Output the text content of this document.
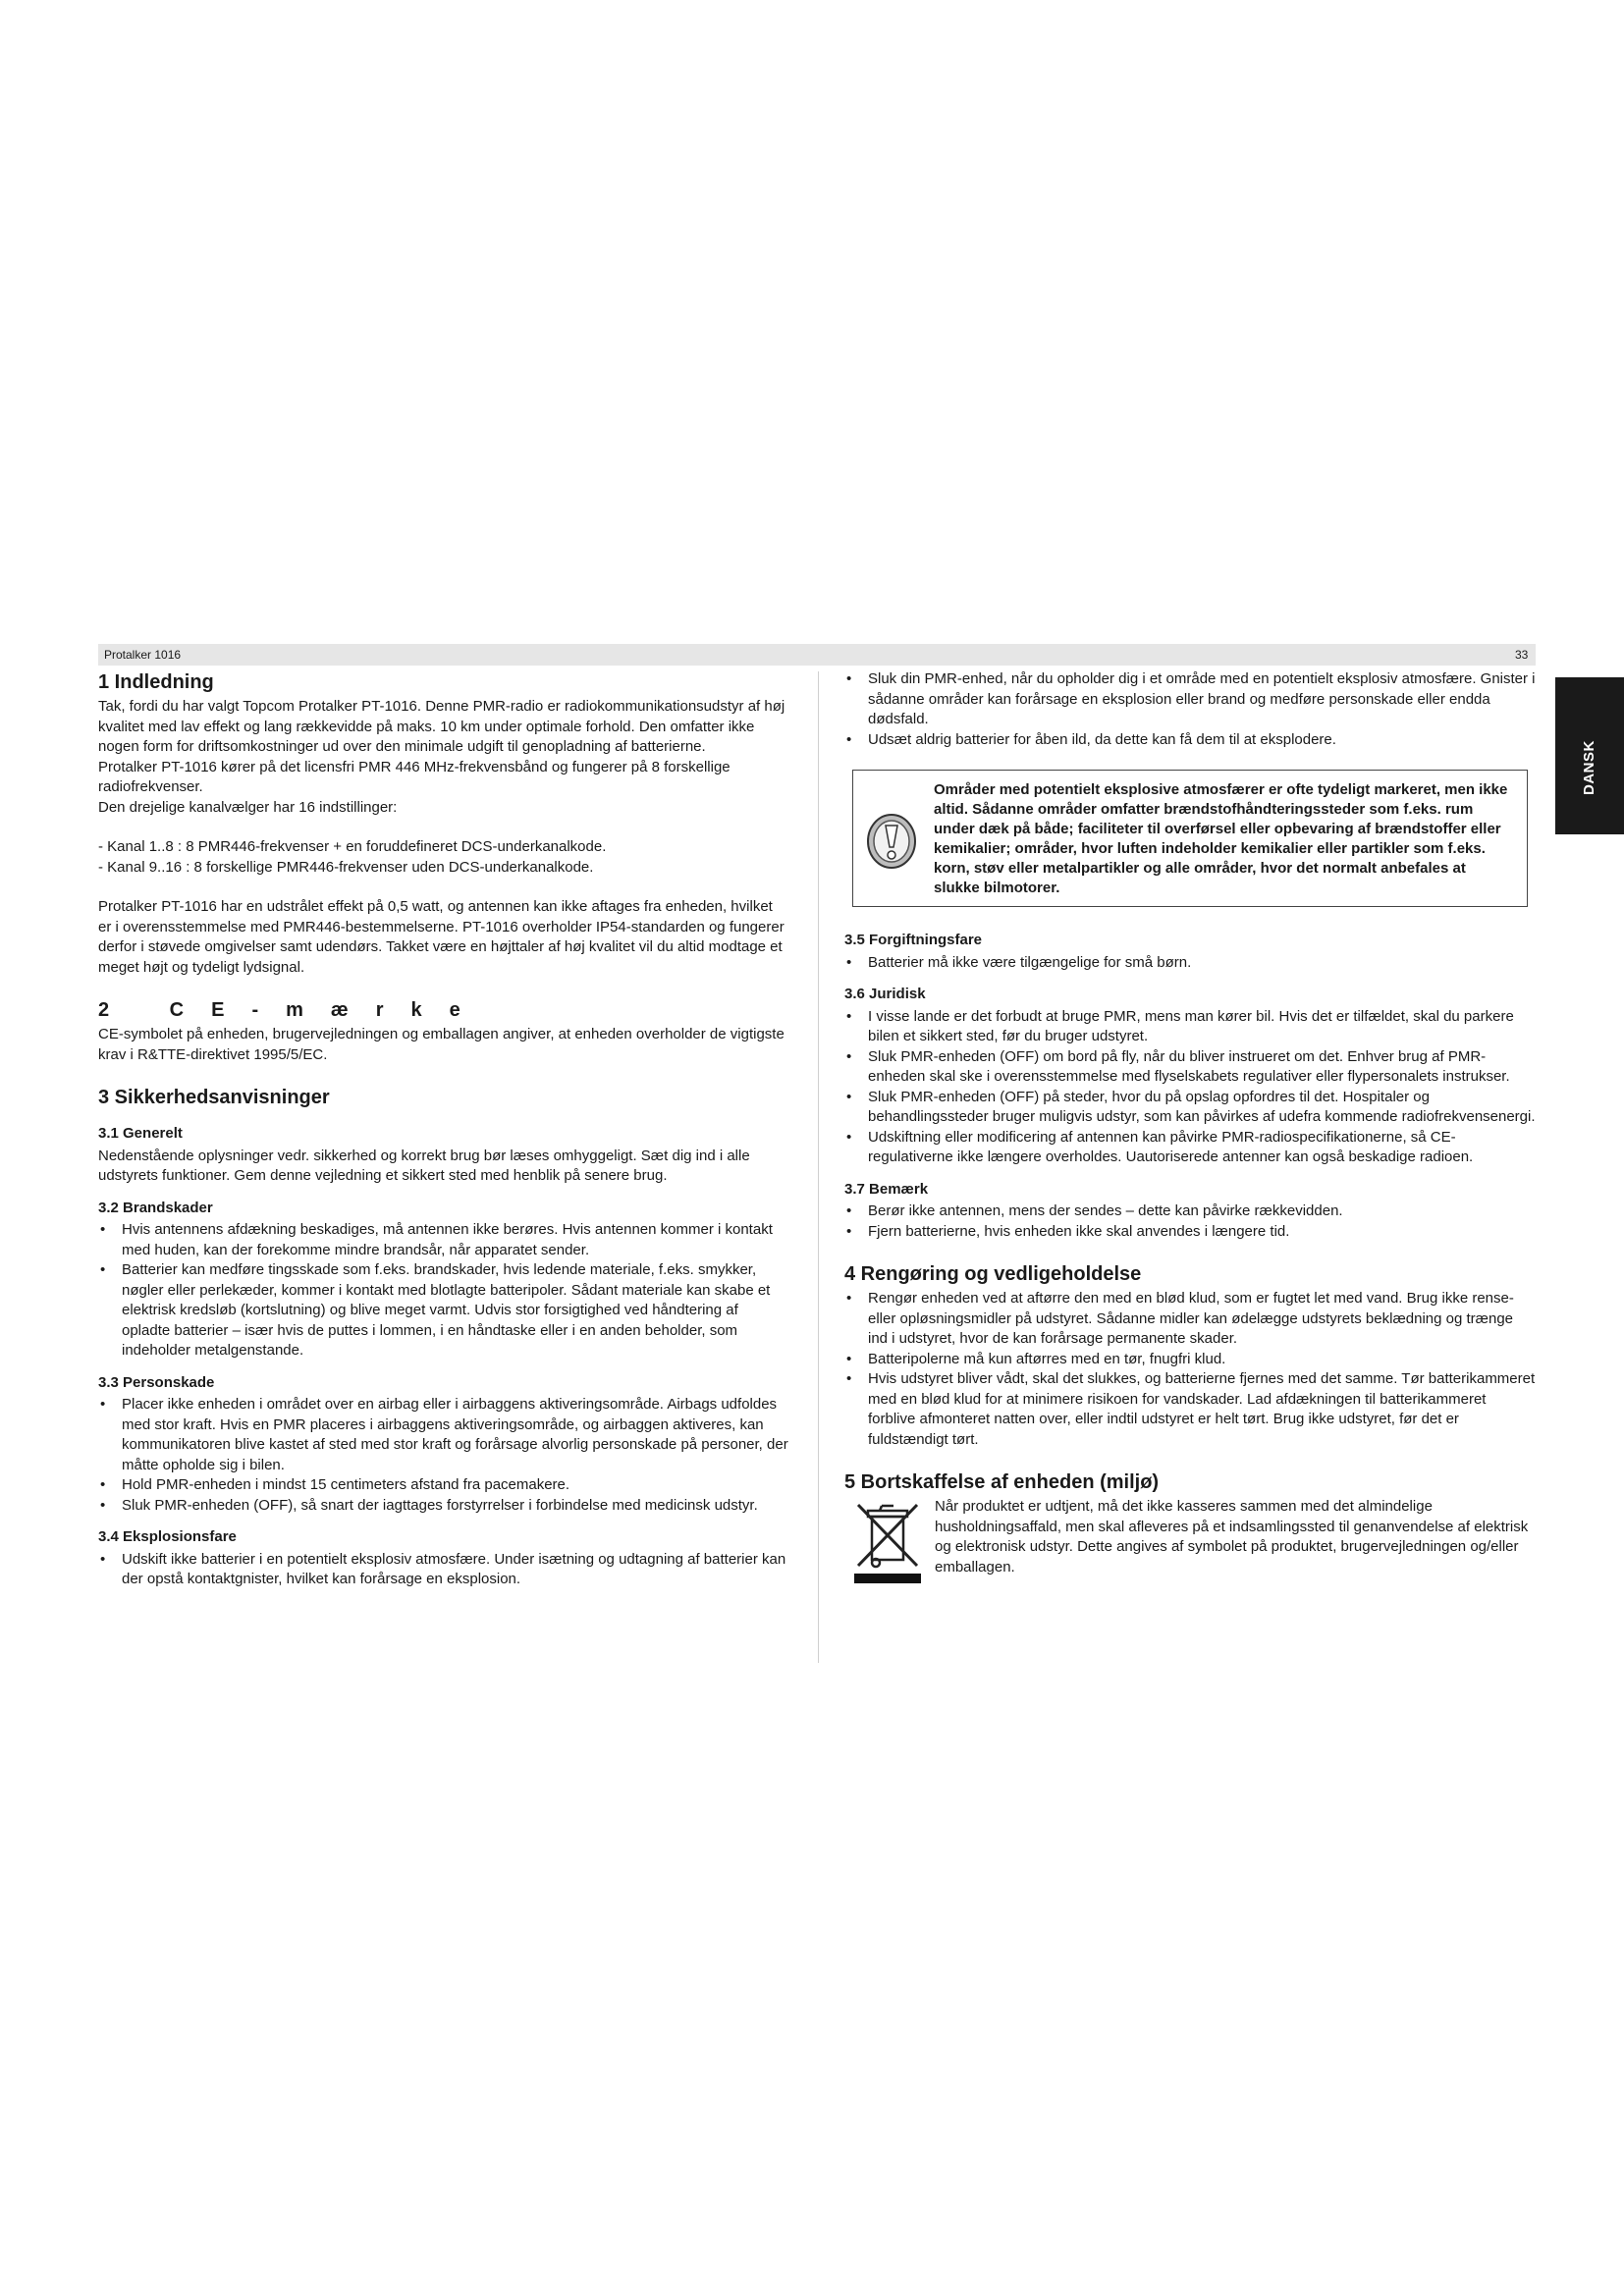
Protalker 1016	33
DANSK
1 Indledning

Tak, fordi du har valgt Topcom Protalker PT-1016. Denne PMR-radio er radiokommunikationsudstyr af høj kvalitet med lav effekt og lang rækkevidde på maks. 10 km under optimale forhold. Den omfatter ikke nogen form for driftsomkostninger ud over den minimale udgift til genopladning af batterierne.

Protalker PT-1016 kører på det licensfri PMR 446 MHz-frekvensbånd og fungerer på 8 forskellige radiofrekvenser.

Den drejelige kanalvælger har 16 indstillinger:

- Kanal 1..8 : 8 PMR446-frekvenser + en foruddefineret DCS-underkanalkode.

- Kanal 9..16 : 8 forskellige PMR446-frekvenser uden DCS-underkanalkode.

Protalker PT-1016 har en udstrålet effekt på 0,5 watt, og antennen kan ikke aftages fra enheden, hvilket er i overensstemmelse med PMR446-bestemmelserne. PT-1016 overholder IP54-standarden og fungerer derfor i støvede omgivelser samt udendørs. Takket være en højttaler af høj kvalitet vil du altid modtage et meget højt og tydeligt lydsignal.

2 CE-mærke

CE-symbolet på enheden, brugervejledningen og emballagen angiver, at enheden overholder de vigtigste krav i R&TTE-direktivet 1995/5/EC.

3 Sikkerhedsanvisninger
3.1 Generelt

Nedenstående oplysninger vedr. sikkerhed og korrekt brug bør læses omhyggeligt. Sæt dig ind i alle udstyrets funktioner. Gem denne vejledning et sikkert sted med henblik på senere brug.

3.2 Brandskader
• Hvis antennens afdækning beskadiges, må antennen ikke berøres. Hvis antennen kommer i kontakt med huden, kan der forekomme mindre brandsår, når apparatet sender.
• Batterier kan medføre tingsskade som f.eks. brandskader, hvis ledende materiale, f.eks. smykker, nøgler eller perlekæder, kommer i kontakt med blotlagte batteripoler. Sådant materiale kan skabe et elektrisk kredsløb (kortslutning) og blive meget varmt. Udvis stor forsigtighed ved håndtering af opladte batterier – især hvis de puttes i lommen, i en håndtaske eller i en anden beholder, som indeholder metalgenstande.
3.3 Personskade
• Placer ikke enheden i området over en airbag eller i airbaggens aktiveringsområde. Airbags udfoldes med stor kraft. Hvis en PMR placeres i airbaggens aktiveringsområde, og airbaggen aktiveres, kan kommunikatoren blive kastet af sted med stor kraft og forårsage alvorlig personskade på personer, der måtte opholde sig i bilen.
• Hold PMR-enheden i mindst 15 centimeters afstand fra pacemakere.
• Sluk PMR-enheden (OFF), så snart der iagttages forstyrrelser i forbindelse med medicinsk udstyr.
3.4 Eksplosionsfare
• Udskift ikke batterier i en potentielt eksplosiv atmosfære. Under isætning og udtagning af batterier kan der opstå kontaktgnister, hvilket kan forårsage en eksplosion.
• Sluk din PMR-enhed, når du opholder dig i et område med en potentielt eksplosiv atmosfære. Gnister i sådanne områder kan forårsage en eksplosion eller brand og medføre personskade eller endda dødsfald.
• Udsæt aldrig batterier for åben ild, da dette kan få dem til at eksplodere.

Områder med potentielt eksplosive atmosfærer er ofte tydeligt markeret, men ikke altid. Sådanne områder omfatter brændstofhåndteringssteder som f.eks. rum under dæk på både; faciliteter til overførsel eller opbevaring af brændstoffer eller kemikalier; områder, hvor luften indeholder kemikalier eller partikler som f.eks. korn, støv eller metalpartikler og alle områder, hvor det normalt anbefales at slukke bilmotorer.

3.5 Forgiftningsfare
• Batterier må ikke være tilgængelige for små børn.
3.6 Juridisk
• I visse lande er det forbudt at bruge PMR, mens man kører bil. Hvis det er tilfældet, skal du parkere bilen et sikkert sted, før du bruger udstyret.
• Sluk PMR-enheden (OFF) om bord på fly, når du bliver instrueret om det. Enhver brug af PMR-enheden skal ske i overensstemmelse med flyselskabets regulativer eller flypersonalets instrukser.
• Sluk PMR-enheden (OFF) på steder, hvor du på opslag opfordres til det. Hospitaler og behandlingssteder bruger muligvis udstyr, som kan påvirkes af udefra kommende radiofrekvensenergi.
• Udskiftning eller modificering af antennen kan påvirke PMR-radiospecifikationerne, så CE-regulativerne ikke længere overholdes. Uautoriserede antenner kan også beskadige radioen.
3.7 Bemærk
• Berør ikke antennen, mens der sendes – dette kan påvirke rækkevidden.
• Fjern batterierne, hvis enheden ikke skal anvendes i længere tid.
4 Rengøring og vedligeholdelse
• Rengør enheden ved at aftørre den med en blød klud, som er fugtet let med vand. Brug ikke rense- eller opløsningsmidler på udstyret. Sådanne midler kan ødelægge udstyrets beklædning og trænge ind i udstyret, hvor de kan forårsage permanente skader.
• Batteripolerne må kun aftørres med en tør, fnugfri klud.
• Hvis udstyret bliver vådt, skal det slukkes, og batterierne fjernes med det samme. Tør batterikammeret med en blød klud for at minimere risikoen for vandskader. Lad afdækningen til batterikammeret forblive afmonteret natten over, eller indtil udstyret er helt tørt. Brug ikke udstyret, før det er fuldstændigt tørt.
5 Bortskaffelse af enheden (miljø)

Når produktet er udtjent, må det ikke kasseres sammen med det almindelige husholdningsaffald, men skal afleveres på et indsamlingssted til genanvendelse af elektrisk og elektronisk udstyr. Dette angives af symbolet på produktet, brugervejledningen og/eller emballagen.
